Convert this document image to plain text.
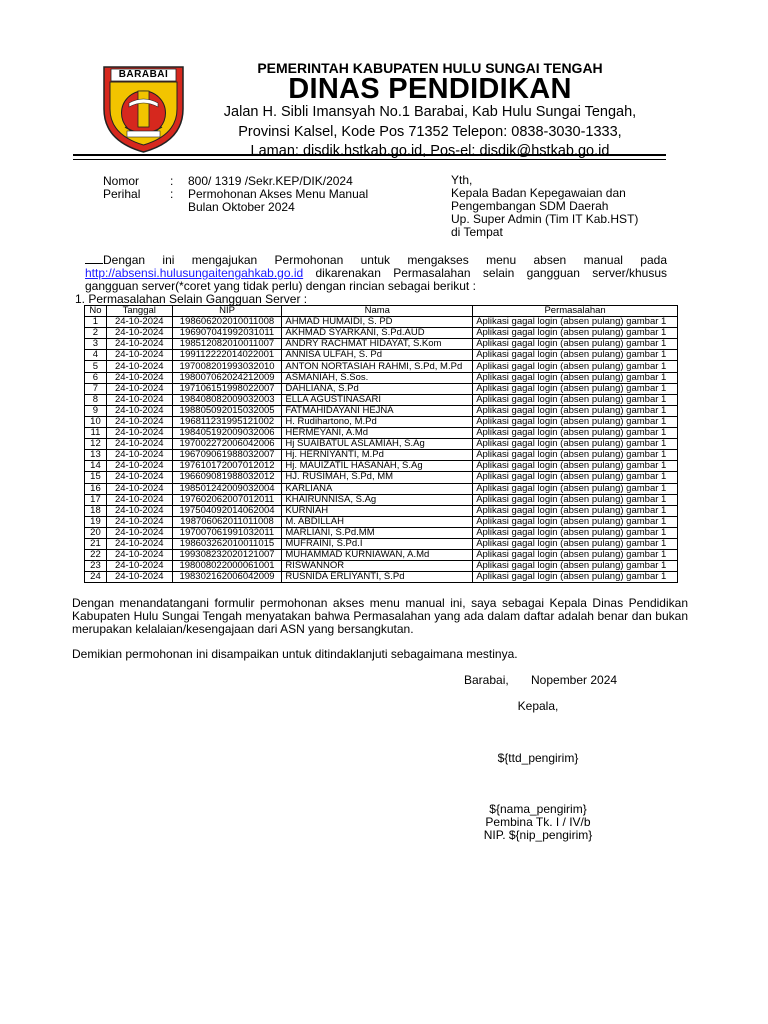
BARABAI	PEMERINTAH KABUPATEN HULU SUNGAI TENGAH
DINAS PENDIDIKAN
Jalan H. Sibli Imansyah No.1 Barabai, Kab Hulu Sungai Tengah,
Provinsi Kalsel, Kode Pos 71352 Telepon: 0838-3030-1333,
Laman: disdik.hstkab.go.id, Pos-el: disdik@hstkab.go.id
Nomor	: 800/ 1319 /Sekr.KEP/DIK/2024
Perihal : Permohonan Akses Menu Manual
Bulan Oktober 2024
Yth,
Kepala Badan Kepegawaian dan
Pengembangan SDM Daerah
Up. Super Admin (Tim IT Kab.HST)
di Tempat
Dengan ini mengajukan Permohonan untuk mengakses menu absen manual pada http://absensi.hulusungaitengahkab.go.id dikarenakan Permasalahan selain gangguan server/khusus gangguan server(*coret yang tidak perlu) dengan rincian sebagai berikut :
1. Permasalahan Selain Gangguan Server :
No	Tanggal	NIP	Nama	Permasalahan
1	24-10-2024	198606202010011008	AHMAD HUMAIDI, S. PD	Aplikasi gagal login (absen pulang) gambar 1
2	24-10-2024	196907041992031011	AKHMAD SYARKANI, S.Pd.AUD	Aplikasi gagal login (absen pulang) gambar 1
3	24-10-2024	198512082010011007	ANDRY RACHMAT HIDAYAT, S.Kom	Aplikasi gagal login (absen pulang) gambar 1
4	24-10-2024	199112222014022001	ANNISA ULFAH, S. Pd	Aplikasi gagal login (absen pulang) gambar 1
5	24-10-2024	197008201993032010	ANTON NORTASIAH RAHMI, S.Pd, M.Pd	Aplikasi gagal login (absen pulang) gambar 1
6	24-10-2024	198007062024212009	ASMANIAH, S.Sos.	Aplikasi gagal login (absen pulang) gambar 1
7	24-10-2024	197106151998022007	DAHLIANA, S.Pd	Aplikasi gagal login (absen pulang) gambar 1
8	24-10-2024	198408082009032003	ELLA AGUSTINASARI	Aplikasi gagal login (absen pulang) gambar 1
9	24-10-2024	198805092015032005	FATMAHIDAYANI HEJNA	Aplikasi gagal login (absen pulang) gambar 1
10	24-10-2024	196811231995121002	H. Rudihartono, M.Pd	Aplikasi gagal login (absen pulang) gambar 1
11	24-10-2024	198405192009032006	HERMEYANI, A.Md	Aplikasi gagal login (absen pulang) gambar 1
12	24-10-2024	197002272006042006	Hj SUAIBATUL ASLAMIAH, S.Ag	Aplikasi gagal login (absen pulang) gambar 1
13	24-10-2024	196709061988032007	Hj. HERNIYANTI, M.Pd	Aplikasi gagal login (absen pulang) gambar 1
14	24-10-2024	197610172007012012	Hj. MAUIZATIL HASANAH, S.Ag	Aplikasi gagal login (absen pulang) gambar 1
15	24-10-2024	196609081988032012	HJ. RUSIMAH, S.Pd, MM	Aplikasi gagal login (absen pulang) gambar 1
16	24-10-2024	198501242009032004	KARLIANA	Aplikasi gagal login (absen pulang) gambar 1
17	24-10-2024	197602062007012011	KHAIRUNNISA, S.Ag	Aplikasi gagal login (absen pulang) gambar 1
18	24-10-2024	197504092014062004	KURNIAH	Aplikasi gagal login (absen pulang) gambar 1
19	24-10-2024	198706062011011008	M. ABDILLAH	Aplikasi gagal login (absen pulang) gambar 1
20	24-10-2024	197007061991032011	MARLIANI, S.Pd.MM	Aplikasi gagal login (absen pulang) gambar 1
21	24-10-2024	198603262010011015	MUFRAINI, S.Pd.I	Aplikasi gagal login (absen pulang) gambar 1
22	24-10-2024	199308232020121007	MUHAMMAD KURNIAWAN, A.Md	Aplikasi gagal login (absen pulang) gambar 1
23	24-10-2024	198008022000061001	RISWANNOR	Aplikasi gagal login (absen pulang) gambar 1
24	24-10-2024	198302162006042009	RUSNIDA ERLIYANTI, S.Pd	Aplikasi gagal login (absen pulang) gambar 1
Dengan menandatangani formulir permohonan akses menu manual ini, saya sebagai Kepala Dinas Pendidikan Kabupaten Hulu Sungai Tengah menyatakan bahwa Permasalahan yang ada dalam daftar adalah benar dan bukan merupakan kelalaian/kesengajaan dari ASN yang bersangkutan.
Demikian permohonan ini disampaikan untuk ditindaklanjuti sebagaimana mestinya.
Barabai, Nopember 2024
Kepala,
${ttd_pengirim}
${nama_pengirim}
Pembina Tk. I / IV/b
NIP. ${nip_pengirim}
